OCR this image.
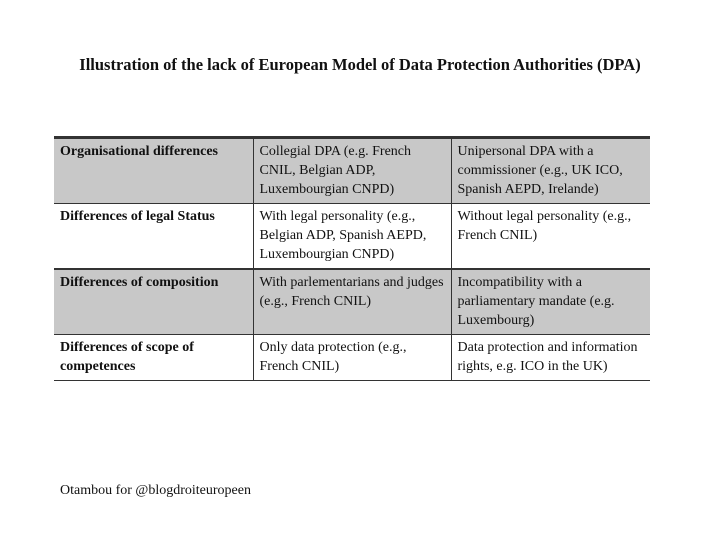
Illustration of the lack of European Model of Data Protection Authorities (DPA)
Organisational differences	Collegial DPA (e.g. French CNIL, Belgian ADP, Luxembourgian CNPD)	Unipersonal DPA with a commissioner (e.g., UK ICO, Spanish AEPD, Irelande)
Differences of legal Status	With legal personality (e.g., Belgian ADP, Spanish AEPD, Luxembourgian CNPD)	Without legal personality (e.g., French CNIL)
Differences of composition	With parlementarians and judges (e.g., French CNIL)	Incompatibility with a parliamentary mandate (e.g. Luxembourg)
Differences of scope of competences	Only data protection (e.g., French CNIL)	Data protection and information rights, e.g. ICO in the UK)
Otambou for @blogdroiteuropeen
